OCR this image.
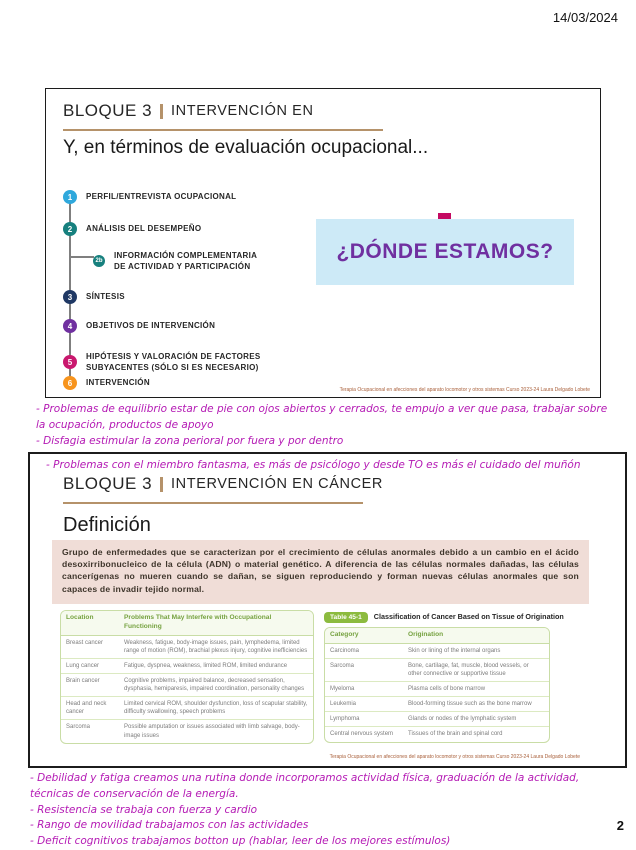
14/03/2024
BLOQUE 3 INTERVENCIÓN EN
Y, en términos de evaluación ocupacional...
1	PERFIL/ENTREVISTA OCUPACIONAL
2	ANÁLISIS DEL DESEMPEÑO
2b
INFORMACIÓN COMPLEMENTARIA
DE ACTIVIDAD Y PARTICIPACIÓN
3	SÍNTESIS
4	OBJETIVOS DE INTERVENCIÓN
5
HIPÓTESIS Y VALORACIÓN DE FACTORES
SUBYACENTES (SÓLO SI ES NECESARIO)
6	INTERVENCIÓN
¿DÓNDE ESTAMOS?
Terapia Ocupacional en afecciones del aparato locomotor y otros sistemas Curso 2023-24 Laura Delgado Lobete

- Problemas de equilibrio estar de pie con ojos abiertos y cerrados, te empujo a ver que pasa, trabajar sobre la ocupación, productos de apoyo

- Disfagia estimular la zona perioral por fuera y por dentro

- Problemas con el miembro fantasma, es más de psicólogo y desde TO es más el cuidado del muñón
BLOQUE 3 INTERVENCIÓN EN CÁNCER
Definición
Grupo de enfermedades que se caracterizan por el crecimiento de células anormales debido a un cambio en el ácido desoxirribonucleico de la célula (ADN) o material genético. A diferencia de las células normales dañadas, las células cancerígenas no mueren cuando se dañan, se siguen reproduciendo y forman nuevas células anormales que son capaces de invadir tejido normal.
Location	Problems That May Interfere with Occupational Functioning
Breast cancer	Weakness, fatigue, body-image issues, pain, lymphedema, limited range of motion (ROM), brachial plexus injury, cognitive inefficiencies
Lung cancer	Fatigue, dyspnea, weakness, limited ROM, limited endurance
Brain cancer	Cognitive problems, impaired balance, decreased sensation, dysphasia, hemiparesis, impaired coordination, personality changes
Head and neck cancer	Limited cervical ROM, shoulder dysfunction, loss of scapular stability, difficulty swallowing, speech problems
Sarcoma	Possible amputation or issues associated with limb salvage, body-image issues
Table 45-1	Classification of Cancer Based on Tissue of Origination
Category	Origination
Carcinoma	Skin or lining of the internal organs
Sarcoma	Bone, cartilage, fat, muscle, blood vessels, or other connective or supportive tissue
Myeloma	Plasma cells of bone marrow
Leukemia	Blood-forming tissue such as the bone marrow
Lymphoma	Glands or nodes of the lymphatic system
Central nervous system	Tissues of the brain and spinal cord
Terapia Ocupacional en afecciones del aparato locomotor y otros sistemas Curso 2023-24 Laura Delgado Lobete

- Debilidad y fatiga creamos una rutina donde incorporamos actividad física, graduación de la actividad, técnicas de conservación de la energía.

- Resistencia se trabaja con fuerza y cardio

- Rango de movilidad trabajamos con las actividades

- Deficit cognitivos trabajamos botton up (hablar, leer de los mejores estímulos)

2
